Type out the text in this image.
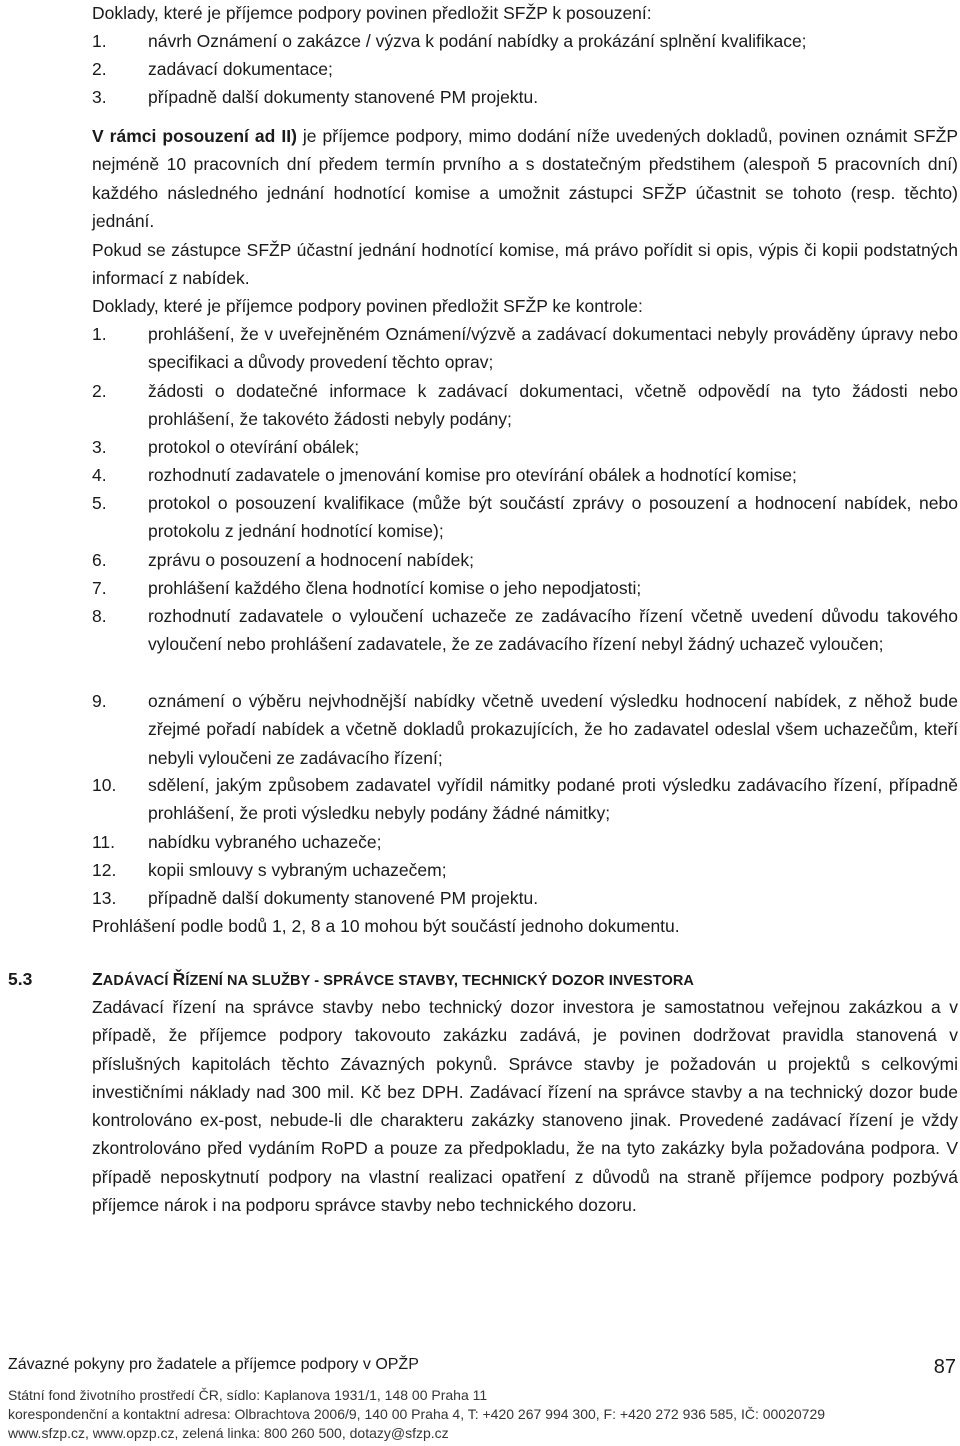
Doklady, které je příjemce podpory povinen předložit SFŽP k posouzení:

1. návrh Oznámení o zakázce / výzva k podání nabídky a prokázání splnění kvalifikace;

2. zadávací dokumentace;

3. případně další dokumenty stanovené PM projektu.

V rámci posouzení ad II) je příjemce podpory, mimo dodání níže uvedených dokladů, povinen oznámit SFŽP nejméně 10 pracovních dní předem termín prvního a s dostatečným předstihem (alespoň 5 pracovních dní) každého následného jednání hodnotící komise a umožnit zástupci SFŽP účastnit se tohoto (resp. těchto) jednání.

Pokud se zástupce SFŽP účastní jednání hodnotící komise, má právo pořídit si opis, výpis či kopii podstatných informací z nabídek.

Doklady, které je příjemce podpory povinen předložit SFŽP ke kontrole:

1. prohlášení, že v uveřejněném Oznámení/výzvě a zadávací dokumentaci nebyly prováděny úpravy nebo specifikaci a důvody provedení těchto oprav;

2. žádosti o dodatečné informace k zadávací dokumentaci, včetně odpovědí na tyto žádosti nebo prohlášení, že takovéto žádosti nebyly podány;

3. protokol o otevírání obálek;

4. rozhodnutí zadavatele o jmenování komise pro otevírání obálek a hodnotící komise;

5. protokol o posouzení kvalifikace (může být součástí zprávy o posouzení a hodnocení nabídek, nebo protokolu z jednání hodnotící komise);

6. zprávu o posouzení a hodnocení nabídek;

7. prohlášení každého člena hodnotící komise o jeho nepodjatosti;

8. rozhodnutí zadavatele o vyloučení uchazeče ze zadávacího řízení včetně uvedení důvodu takového vyloučení nebo prohlášení zadavatele, že ze zadávacího řízení nebyl žádný uchazeč vyloučen;

9. oznámení o výběru nejvhodnější nabídky včetně uvedení výsledku hodnocení nabídek, z něhož bude zřejmé pořadí nabídek a včetně dokladů prokazujících, že ho zadavatel odeslal všem uchazečům, kteří nebyli vyloučeni ze zadávacího řízení;

10. sdělení, jakým způsobem zadavatel vyřídil námitky podané proti výsledku zadávacího řízení, případně prohlášení, že proti výsledku nebyly podány žádné námitky;

11. nabídku vybraného uchazeče;

12. kopii smlouvy s vybraným uchazečem;

13. případně další dokumenty stanovené PM projektu.

Prohlášení podle bodů 1, 2, 8 a 10 mohou být součástí jednoho dokumentu.

5.3	ZADÁVACÍ ŘÍZENÍ NA SLUŽBY - SPRÁVCE STAVBY, TECHNICKÝ DOZOR INVESTORA

Zadávací řízení na správce stavby nebo technický dozor investora je samostatnou veřejnou zakázkou a v případě, že příjemce podpory takovouto zakázku zadává, je povinen dodržovat pravidla stanovená v příslušných kapitolách těchto Závazných pokynů. Správce stavby je požadován u projektů s celkovými investičními náklady nad 300 mil. Kč bez DPH. Zadávací řízení na správce stavby a na technický dozor bude kontrolováno ex-post, nebude-li dle charakteru zakázky stanoveno jinak. Provedené zadávací řízení je vždy zkontrolováno před vydáním RoPD a pouze za předpokladu, že na tyto zakázky byla požadována podpora. V případě neposkytnutí podpory na vlastní realizaci opatření z důvodů na straně příjemce podpory pozbývá příjemce nárok i na podporu správce stavby nebo technického dozoru.

Závazné pokyny pro žadatele a příjemce podpory v OPŽP	87
Státní fond životního prostředí ČR, sídlo: Kaplanova 1931/1, 148 00 Praha 11
korespondenční a kontaktní adresa: Olbrachtova 2006/9, 140 00 Praha 4, T: +420 267 994 300, F: +420 272 936 585, IČ: 00020729
www.sfzp.cz, www.opzp.cz, zelená linka: 800 260 500, dotazy@sfzp.cz
